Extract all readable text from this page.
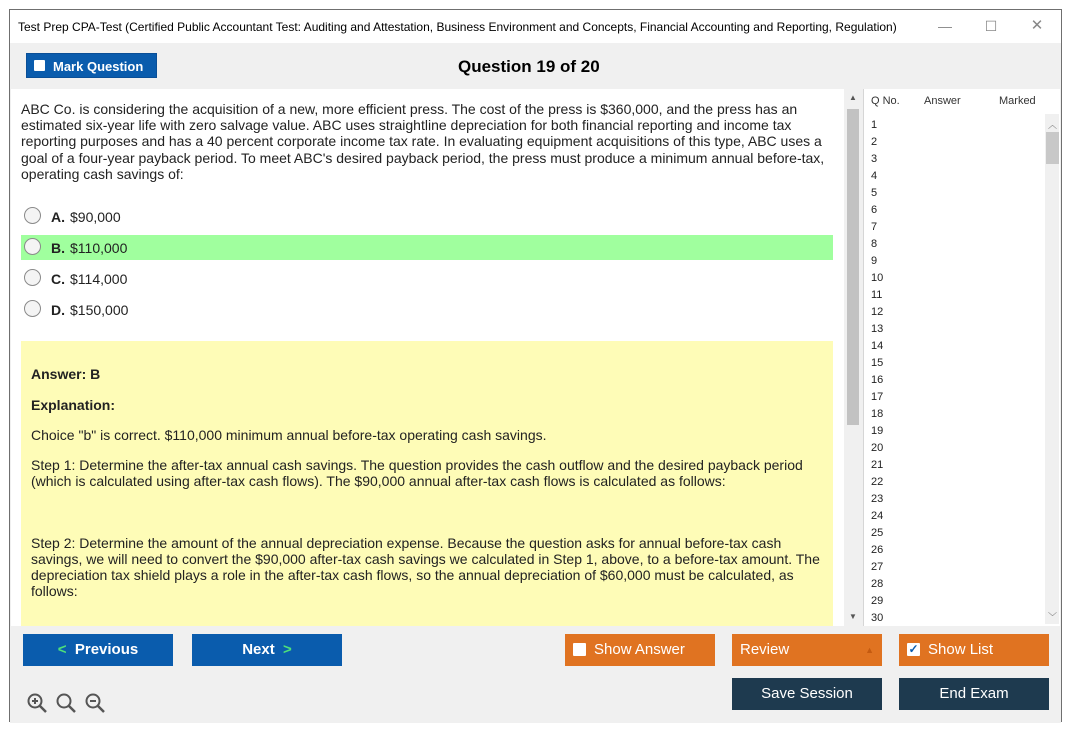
Test Prep CPA-Test (Certified Public Accountant Test: Auditing and Attestation, Business Environment and Concepts, Financial Accounting and Reporting, Regulation)	—	☐	✕
Mark Question	Question 19 of 20
ABC Co. is considering the acquisition of a new, more efficient press. The cost of the press is $360,000, and the press has an estimated six-year life with zero salvage value. ABC uses straightline depreciation for both financial reporting and income tax reporting purposes and has a 40 percent corporate income tax rate. In evaluating equipment acquisitions of this type, ABC uses a goal of a four-year payback period. To meet ABC's desired payback period, the press must produce a minimum annual before-tax, operating cash savings of:
A. $90,000
B. $110,000
C. $114,000
D. $150,000
Answer: B
Explanation:
Choice "b" is correct. $110,000 minimum annual before-tax operating cash savings.
Step 1: Determine the after-tax annual cash savings. The question provides the cash outflow and the desired payback period (which is calculated using after-tax cash flows). The $90,000 annual after-tax cash flows is calculated as follows:
Step 2: Determine the amount of the annual depreciation expense. Because the question asks for annual before-tax cash savings, we will need to convert the $90,000 after-tax cash savings we calculated in Step 1, above, to a before-tax amount. The depreciation tax shield plays a role in the after-tax cash flows, so the annual depreciation of $60,000 must be calculated, as follows:
▲
▼
Q No. Answer	Marked
1
2
3
4
5
6
7
8
9
10
11
12
13
14
15
16
17
18
19
20
21
22
23
24
25
26
27
28
29
30
︿
﹀
< Previous	Next >	Show Answer	Review	▲	✓ Show List
Save Session	End Exam
